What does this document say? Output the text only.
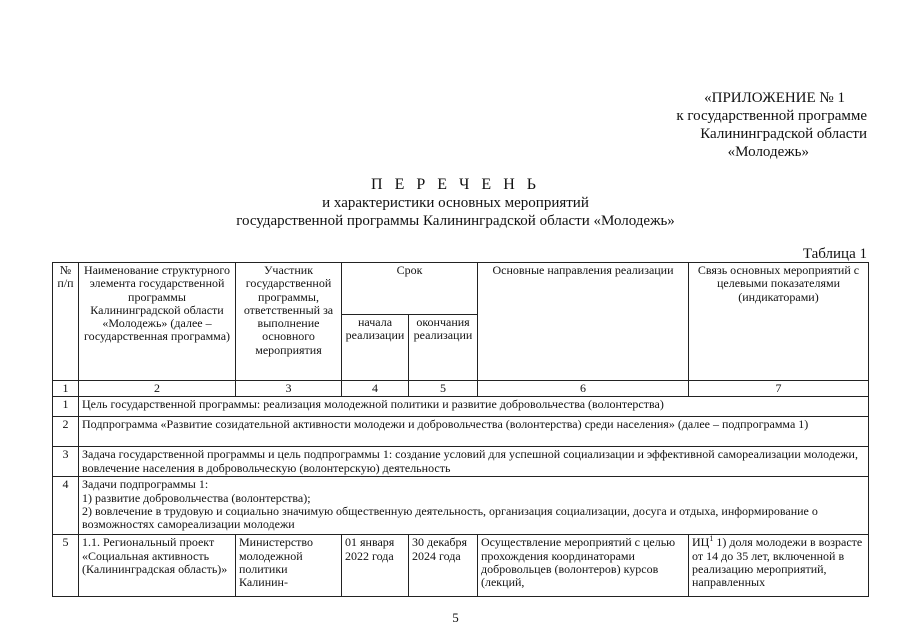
«ПРИЛОЖЕНИЕ № 1
к государственной программе
Калининградской области
«Молодежь»
П Е Р Е Ч Е Н Ь
и характеристики основных мероприятий
государственной программы Калининградской области «Молодежь»
Таблица 1
№ п/п	Наименование структурного элемента государственной программы Калининградской области «Молодежь» (далее – государственная программа)	Участник государственной программы, ответственный за выполнение основного мероприятия	Срок		Основные направления реализации	Связь основных мероприятий с целевыми показателями (индикаторами)
			начала реализации	окончания реализации		
1	2	3	4	5	6	7
1	Цель государственной программы: реализация молодежной политики и развитие добровольчества (волонтерства)					
2	Подпрограмма «Развитие созидательной активности молодежи и добровольчества (волонтерства) среди населения» (далее – подпрограмма 1)					
3	Задача государственной программы и цель подпрограммы 1: создание условий для успешной социализации и эффективной самореализации молодежи, вовлечение населения в добровольческую (волонтерскую) деятельность					
4	Задачи подпрограммы 1:
1) развитие добровольчества (волонтерства);
2) вовлечение в трудовую и социально значимую общественную деятельность, организация социализации, досуга и отдыха, информирование о возможностях самореализации молодежи					

5	1.1. Региональный проект «Социальная активность (Калининградская область)»	Министерство молодежной политики Калинин-	01 января 2022 года	30 декабря 2024 года	Осуществление мероприятий с целью прохождения координаторами добровольцев (волонтеров) курсов (лекций,	$ИЦ^1$ 1) доля молодежи в возрасте от 14 до 35 лет, включенной в реализацию мероприятий, направленных
5
